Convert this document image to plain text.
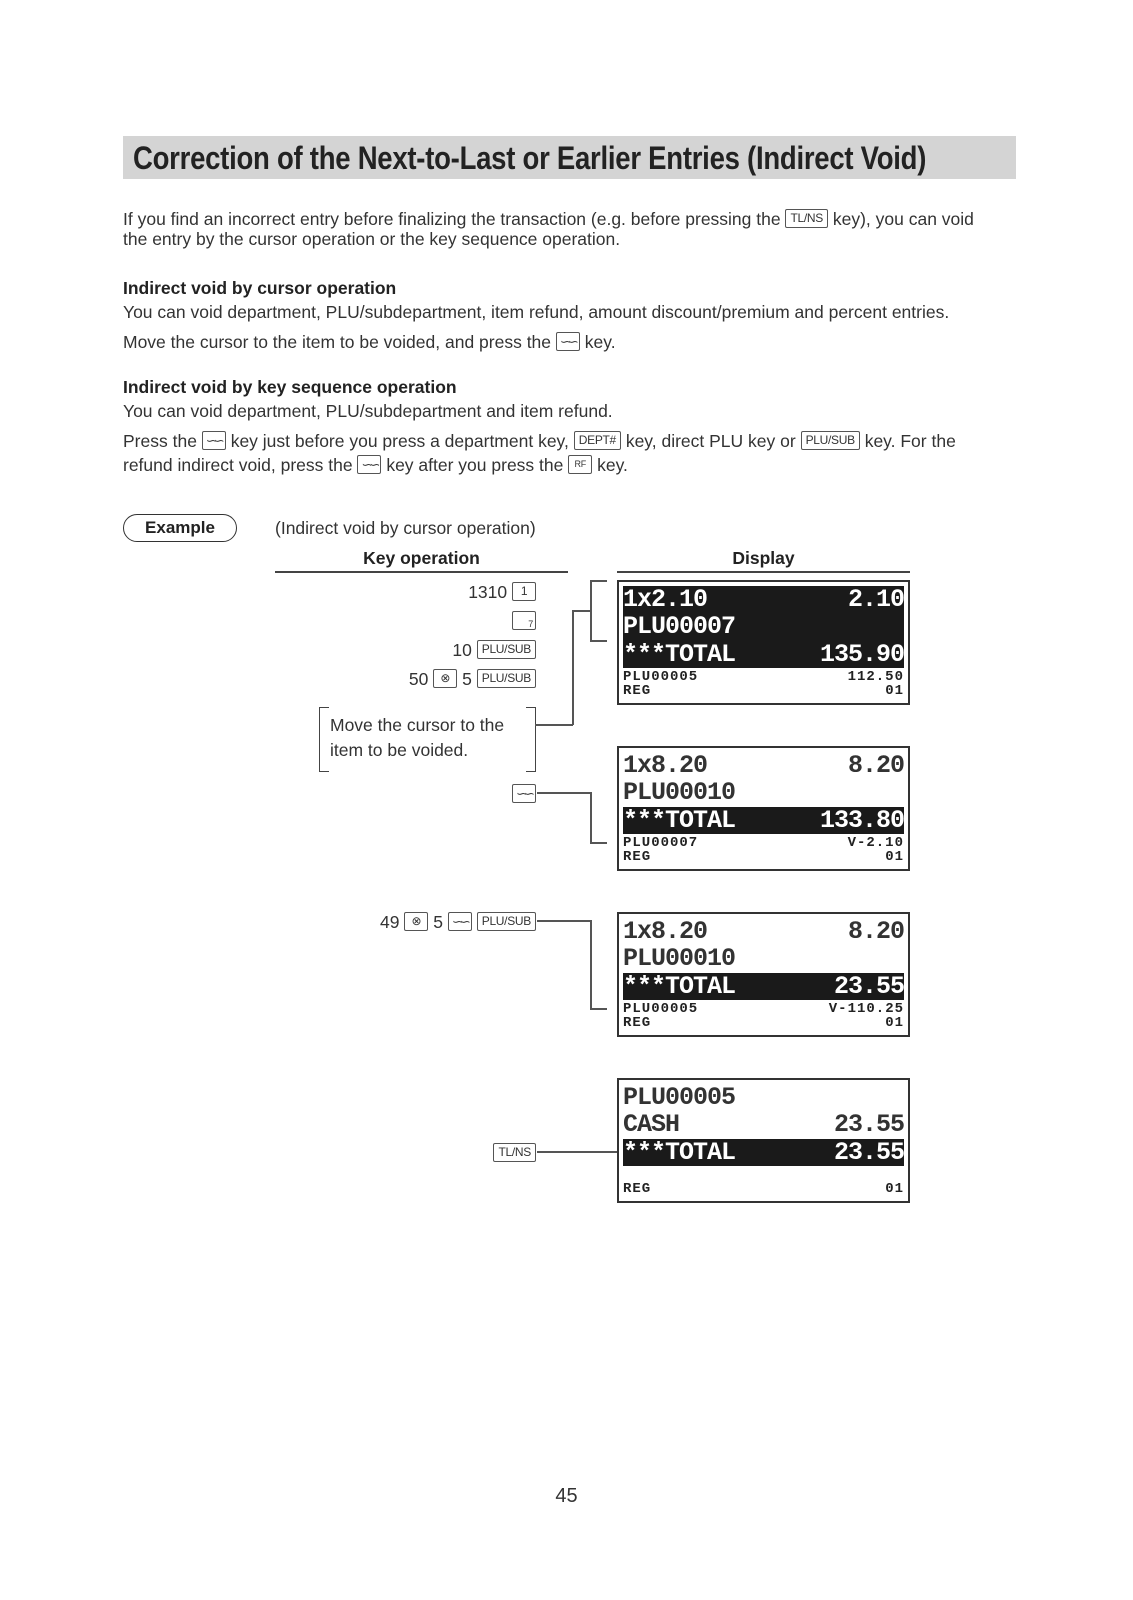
Correction of the Next-to-Last or Earlier Entries (Indirect Void)
If you find an incorrect entry before finalizing the transaction (e.g. before pressing the TL/NS key), you can void
the entry by the cursor operation or the key sequence operation.
Indirect void by cursor operation
You can void department, PLU/subdepartment, item refund, amount discount/premium and percent entries.
Move the cursor to the item to be voided, and press the ∽∽ key.
Indirect void by key sequence operation
You can void department, PLU/subdepartment and item refund.
Press the ∽∽ key just before you press a department key, DEPT# key, direct PLU key or PLU/SUB key. For the
refund indirect void, press the ∽∽ key after you press the RF key.
Example	(Indirect void by cursor operation)
Key operation	Display
1310 1
7
10 PLU/SUB
50 ⊗ 5 PLU/SUB
Move the cursor to the
item to be voided.
∽∽
49 ⊗ 5 ∽∽ PLU/SUB
TL/NS
1x2.10	2.10
PLU00007
***TOTAL	135.90
PLU00005	112.50
REG	01
1x8.20	8.20
PLU00010
***TOTAL	133.80
PLU00007	V-2.10
REG	01
1x8.20	8.20
PLU00010
***TOTAL	23.55
PLU00005	V-110.25
REG	01
PLU00005
CASH	23.55
***TOTAL	23.55
REG	01
45
